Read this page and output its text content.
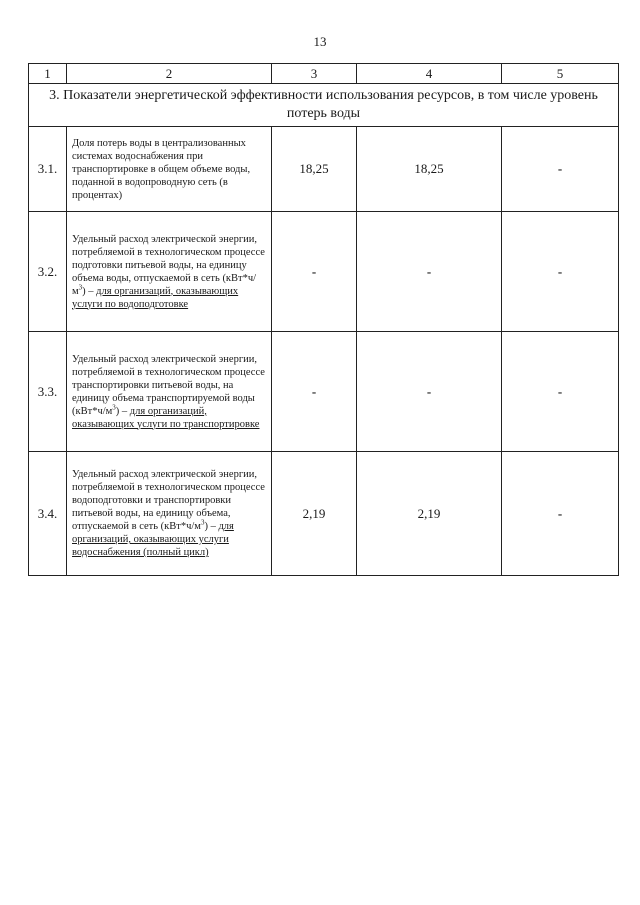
13
1	2	3	4	5
3. Показатели энергетической эффективности использования ресурсов, в том числе уровень потерь воды				
3.1.	Доля потерь воды в централизованных системах водоснабжения при транспортировке в общем объеме воды, поданной в водопроводную сеть (в процентах)	18,25	18,25	-
3.2.	Удельный расход электрической энергии, потребляемой в технологическом процессе подготовки питьевой воды, на единицу объема воды, отпускаемой в сеть $(кВт*ч/м^3)$ – для организаций, оказывающих услуги по водоподготовке	-	-	-
3.3.	Удельный расход электрической энергии, потребляемой в технологическом процессе транспортировки питьевой воды, на единицу объема транспортируемой воды $(кВт*ч/м^3)$ – для организаций, оказывающих услуги по транспортировке	-	-	-
3.4.	Удельный расход электрической энергии, потребляемой в технологическом процессе водоподготовки и транспортировки питьевой воды, на единицу объема, отпускаемой в сеть $(кВт*ч/м^3)$ – для организаций, оказывающих услуги водоснабжения (полный цикл)	2,19	2,19	-
